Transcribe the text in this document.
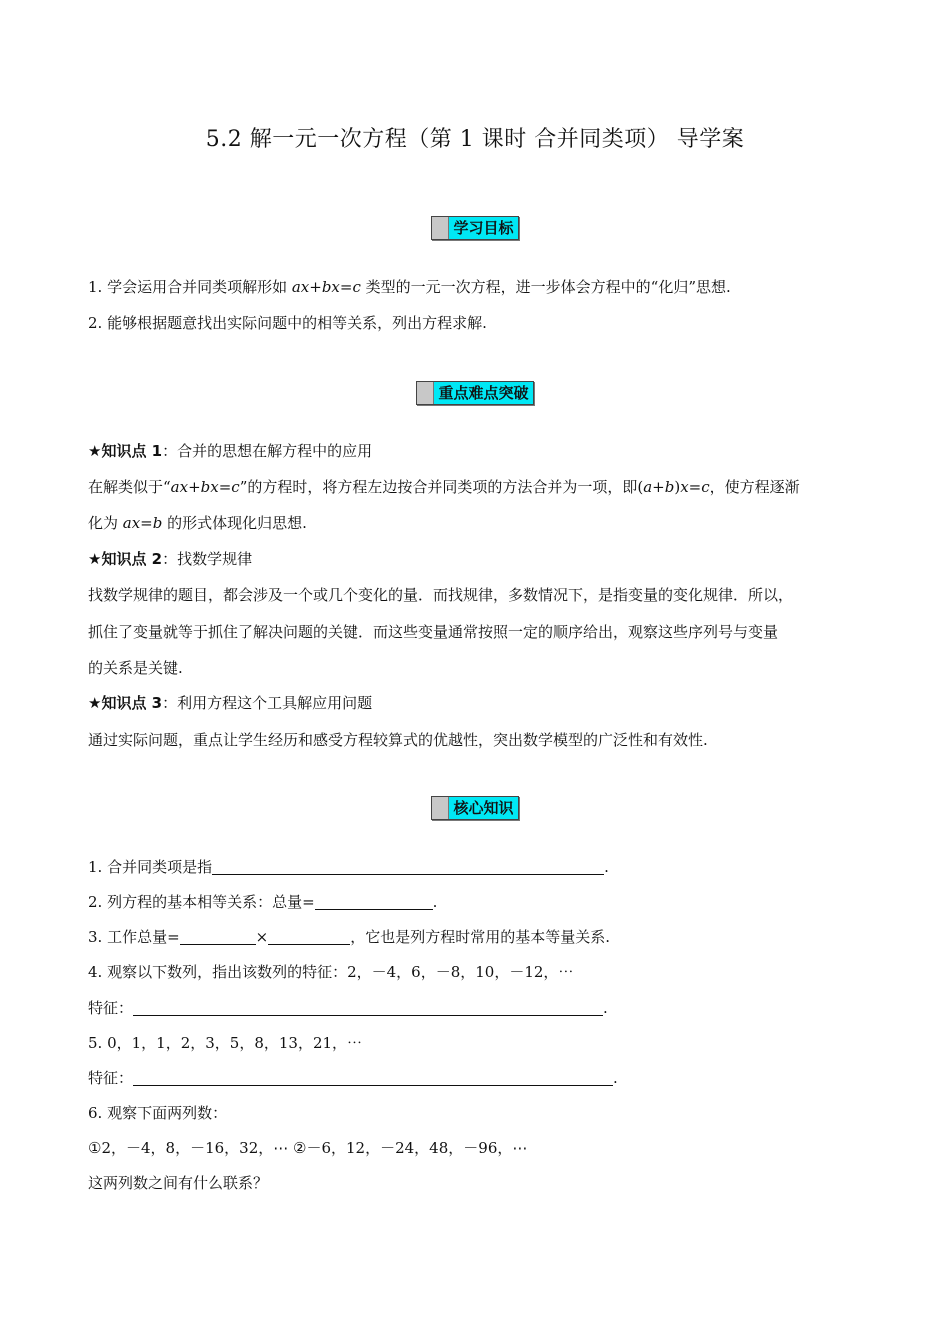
5.2 解一元一次方程（第 1 课时 合并同类项） 导学案
学习目标
1. 学会运用合并同类项解形如 ax+bx=c 类型的一元一次方程，进一步体会方程中的“化归”思想.
2. 能够根据题意找出实际问题中的相等关系，列出方程求解.
重点难点突破
★知识点 1：合并的思想在解方程中的应用
在解类似于“ax+bx=c”的方程时，将方程左边按合并同类项的方法合并为一项，即(a+b)x=c，使方程逐渐
化为 ax=b 的形式体现化归思想.
★知识点 2：找数学规律
找数学规律的题目，都会涉及一个或几个变化的量．而找规律，多数情况下，是指变量的变化规律．所以，
抓住了变量就等于抓住了解决问题的关键．而这些变量通常按照一定的顺序给出，观察这些序列号与变量
的关系是关键.
★知识点 3：利用方程这个工具解应用问题
通过实际问题，重点让学生经历和感受方程较算式的优越性，突出数学模型的广泛性和有效性.
核心知识
1. 合并同类项是指	.
2. 列方程的基本相等关系：总量=	.
3. 工作总量=	×	，它也是列方程时常用的基本等量关系.
4. 观察以下数列，指出该数列的特征：2，－4，6，－8，10，－12，⋯
特征：	.
5. 0，1，1，2，3，5，8，13，21，⋯
特征：	.
6. 观察下面两列数：
①2，－4，8，－16，32，⋯ ②－6，12，－24，48，－96，⋯
这两列数之间有什么联系？
